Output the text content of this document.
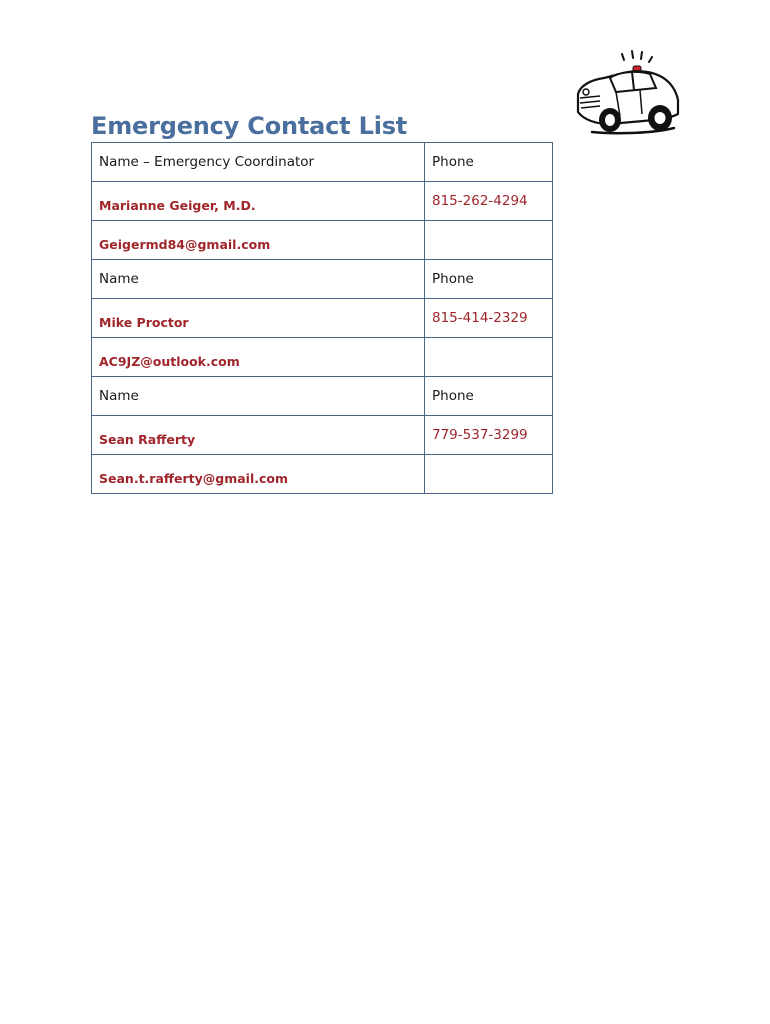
Emergency Contact List
Name – Emergency Coordinator	Phone
Marianne Geiger, M.D.	815-262-4294
Geigermd84@gmail.com	
Name	Phone
Mike Proctor	815-414-2329
AC9JZ@outlook.com	
Name	Phone
Sean Rafferty	779-537-3299
Sean.t.rafferty@gmail.com	
